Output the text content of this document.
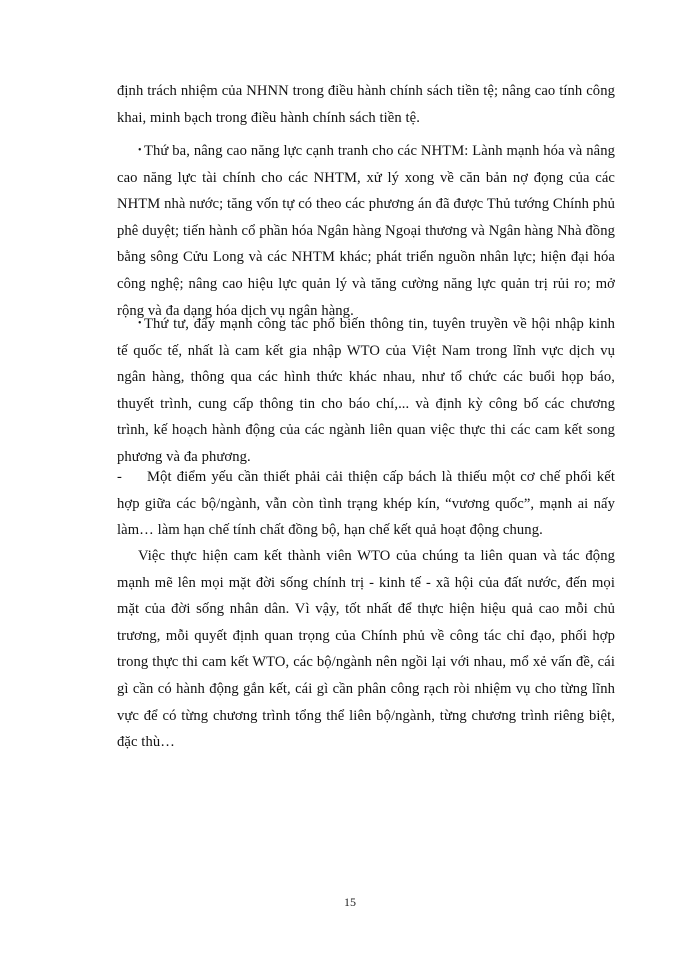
định trách nhiệm của NHNN trong điều hành chính sách tiền tệ; nâng cao tính công khai, minh bạch trong điều hành chính sách tiền tệ.

• Thứ ba, nâng cao năng lực cạnh tranh cho các NHTM: Lành mạnh hóa và nâng cao năng lực tài chính cho các NHTM, xử lý xong về căn bản nợ đọng của các NHTM nhà nước; tăng vốn tự có theo các phương án đã được Thủ tướng Chính phủ phê duyệt; tiến hành cổ phần hóa Ngân hàng Ngoại thương và Ngân hàng Nhà đồng bằng sông Cửu Long và các NHTM khác; phát triển nguồn nhân lực; hiện đại hóa công nghệ; nâng cao hiệu lực quản lý và tăng cường năng lực quản trị rủi ro; mở rộng và đa dạng hóa dịch vụ ngân hàng.

• Thứ tư, đẩy mạnh công tác phổ biến thông tin, tuyên truyền về hội nhập kinh tế quốc tế, nhất là cam kết gia nhập WTO của Việt Nam trong lĩnh vực dịch vụ ngân hàng, thông qua các hình thức khác nhau, như tổ chức các buổi họp báo, thuyết trình, cung cấp thông tin cho báo chí,... và định kỳ công bố các chương trình, kế hoạch hành động của các ngành liên quan việc thực thi các cam kết song phương và đa phương.

- Một điểm yếu cần thiết phải cải thiện cấp bách là thiếu một cơ chế phối kết hợp giữa các bộ/ngành, vẫn còn tình trạng khép kín, “vương quốc”, mạnh ai nấy làm… làm hạn chế tính chất đồng bộ, hạn chế kết quả hoạt động chung.

Việc thực hiện cam kết thành viên WTO của chúng ta liên quan và tác động mạnh mẽ lên mọi mặt đời sống chính trị - kinh tế - xã hội của đất nước, đến mọi mặt của đời sống nhân dân. Vì vậy, tốt nhất để thực hiện hiệu quả cao mỗi chủ trương, mỗi quyết định quan trọng của Chính phủ về công tác chỉ đạo, phối hợp trong thực thi cam kết WTO, các bộ/ngành nên ngồi lại với nhau, mổ xẻ vấn đề, cái gì cần có hành động gắn kết, cái gì cần phân công rạch ròi nhiệm vụ cho từng lĩnh vực để có từng chương trình tổng thể liên bộ/ngành, từng chương trình riêng biệt, đặc thù…

15
